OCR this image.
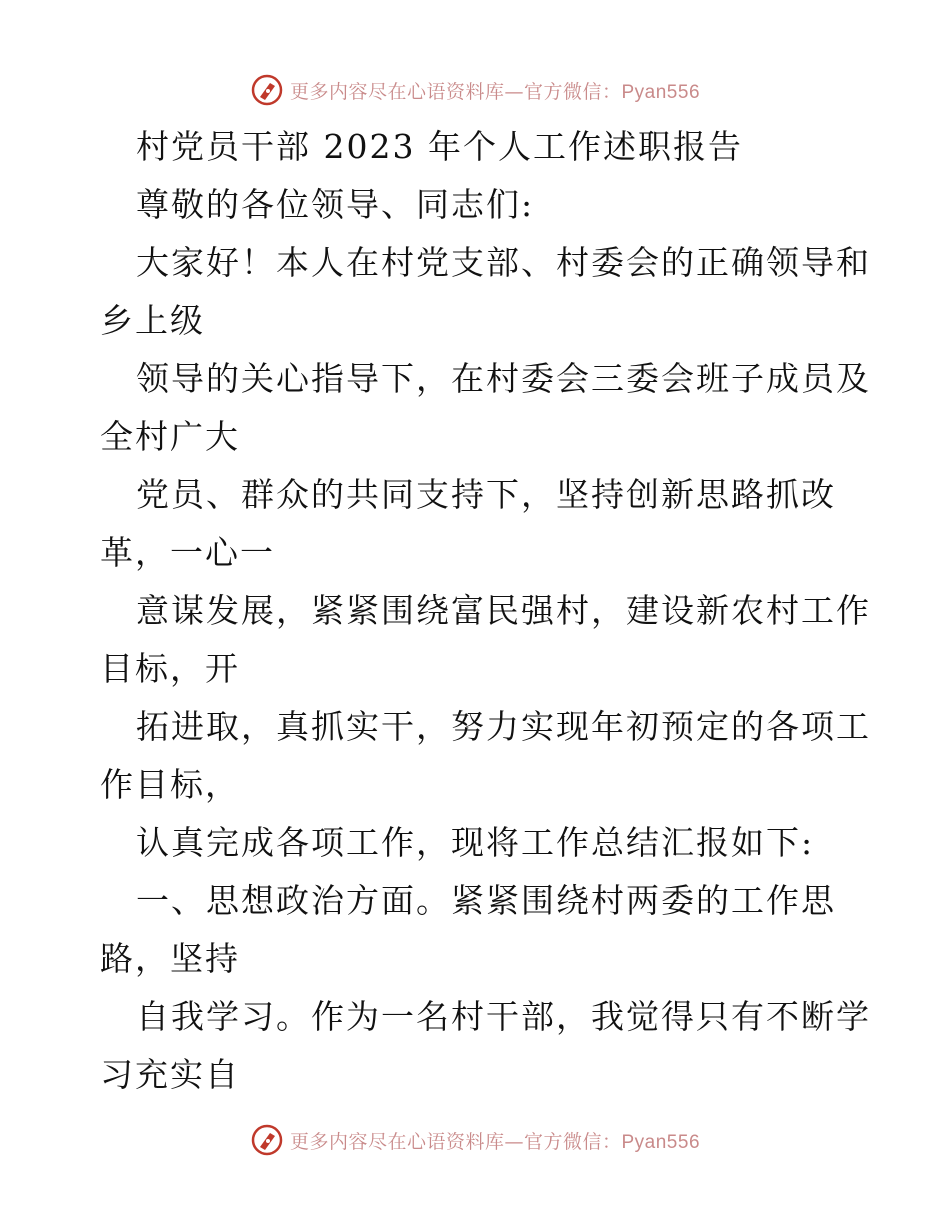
更多内容尽在心语资料库—官方微信：Pyan556
村党员干部 2023 年个人工作述职报告
尊敬的各位领导、同志们:
大家好！本人在村党支部、村委会的正确领导和
乡上级
领导的关心指导下，在村委会三委会班子成员及
全村广大
党员、群众的共同支持下，坚持创新思路抓改
革，一心一
意谋发展，紧紧围绕富民强村，建设新农村工作
目标，开
拓进取，真抓实干，努力实现年初预定的各项工
作目标，
认真完成各项工作，现将工作总结汇报如下:
一、思想政治方面。紧紧围绕村两委的工作思
路，坚持
自我学习。作为一名村干部，我觉得只有不断学
习充实自
更多内容尽在心语资料库—官方微信：Pyan556
